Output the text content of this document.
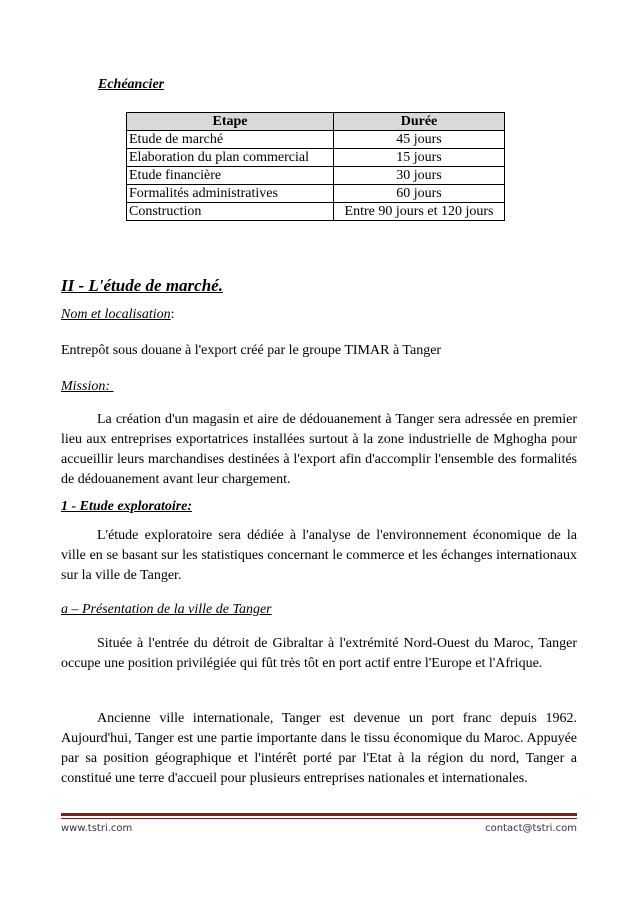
Echéancier
Etape	Durée
Etude de marché	45 jours
Elaboration du plan commercial	15 jours
Etude financière	30 jours
Formalités administratives	60 jours
Construction	Entre 90 jours et 120 jours
II - L'étude de marché.
Nom et localisation:
Entrepôt sous douane à l'export créé par le groupe TIMAR à Tanger
Mission:

La création d'un magasin et aire de dédouanement à Tanger sera adressée en premier lieu aux entreprises exportatrices installées surtout à la zone industrielle de Mghogha pour accueillir leurs marchandises destinées à l'export afin d'accomplir l'ensemble des formalités de dédouanement avant leur chargement.

1 - Etude exploratoire:

L'étude exploratoire sera dédiée à l'analyse de l'environnement économique de la ville en se basant sur les statistiques concernant le commerce et les échanges internationaux sur la ville de Tanger.

a – Présentation de la ville de Tanger

Située à l'entrée du détroit de Gibraltar à l'extrémité Nord-Ouest du Maroc, Tanger occupe une position privilégiée qui fût très tôt en port actif entre l'Europe et l'Afrique.

Ancienne ville internationale, Tanger est devenue un port franc depuis 1962. Aujourd'hui, Tanger est une partie importante dans le tissu économique du Maroc. Appuyée par sa position géographique et l'intérêt porté par l'Etat à la région du nord, Tanger a constitué une terre d'accueil pour plusieurs entreprises nationales et internationales.

www.tstri.com	contact@tstri.com
